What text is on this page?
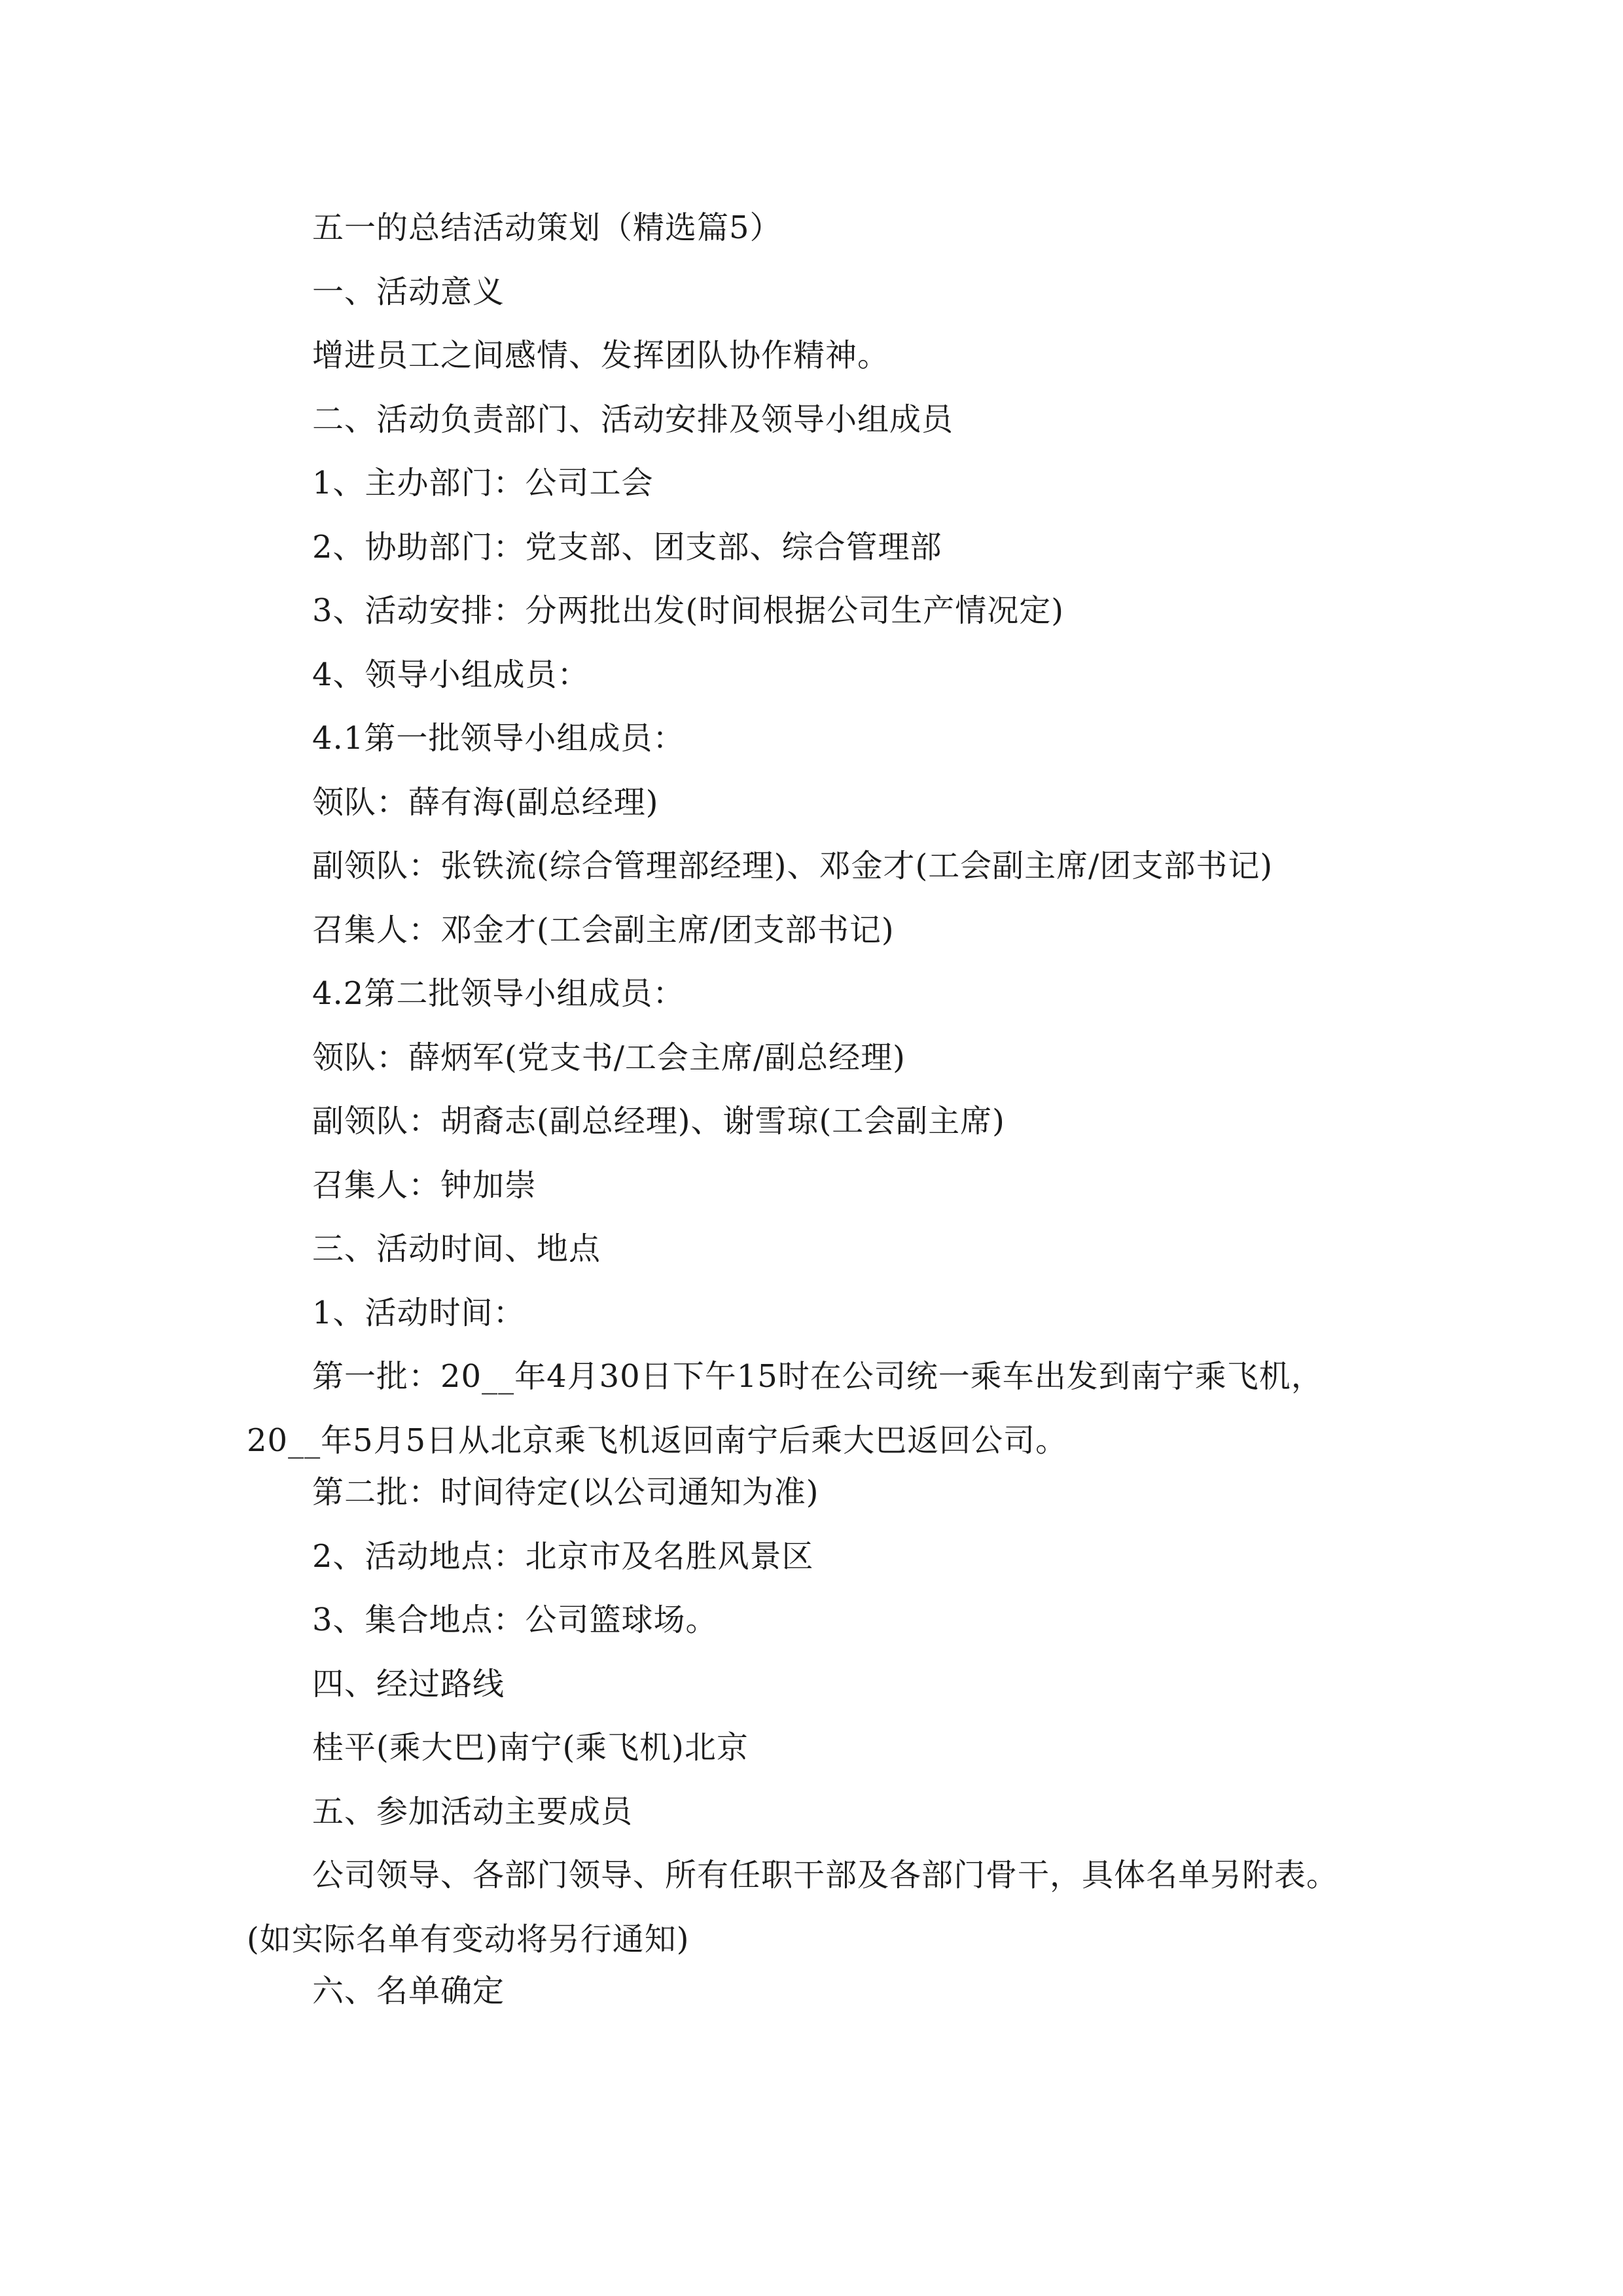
五一的总结活动策划（精选篇5）
一、活动意义
增进员工之间感情、发挥团队协作精神。
二、活动负责部门、活动安排及领导小组成员
1、主办部门：公司工会
2、协助部门：党支部、团支部、综合管理部
3、活动安排：分两批出发(时间根据公司生产情况定)
4、领导小组成员：
4.1第一批领导小组成员：
领队：薛有海(副总经理)
副领队：张铁流(综合管理部经理)、邓金才(工会副主席/团支部书记)
召集人：邓金才(工会副主席/团支部书记)
4.2第二批领导小组成员：
领队：薛炳军(党支书/工会主席/副总经理)
副领队：胡裔志(副总经理)、谢雪琼(工会副主席)
召集人：钟加崇
三、活动时间、地点
1、活动时间：
第一批：20__年4月30日下午15时在公司统一乘车出发到南宁乘飞机，20__年5月5日从北京乘飞机返回南宁后乘大巴返回公司。
第二批：时间待定(以公司通知为准)
2、活动地点：北京市及名胜风景区
3、集合地点：公司篮球场。
四、经过路线
桂平(乘大巴)南宁(乘飞机)北京
五、参加活动主要成员
公司领导、各部门领导、所有任职干部及各部门骨干，具体名单另附表。(如实际名单有变动将另行通知)
六、名单确定
